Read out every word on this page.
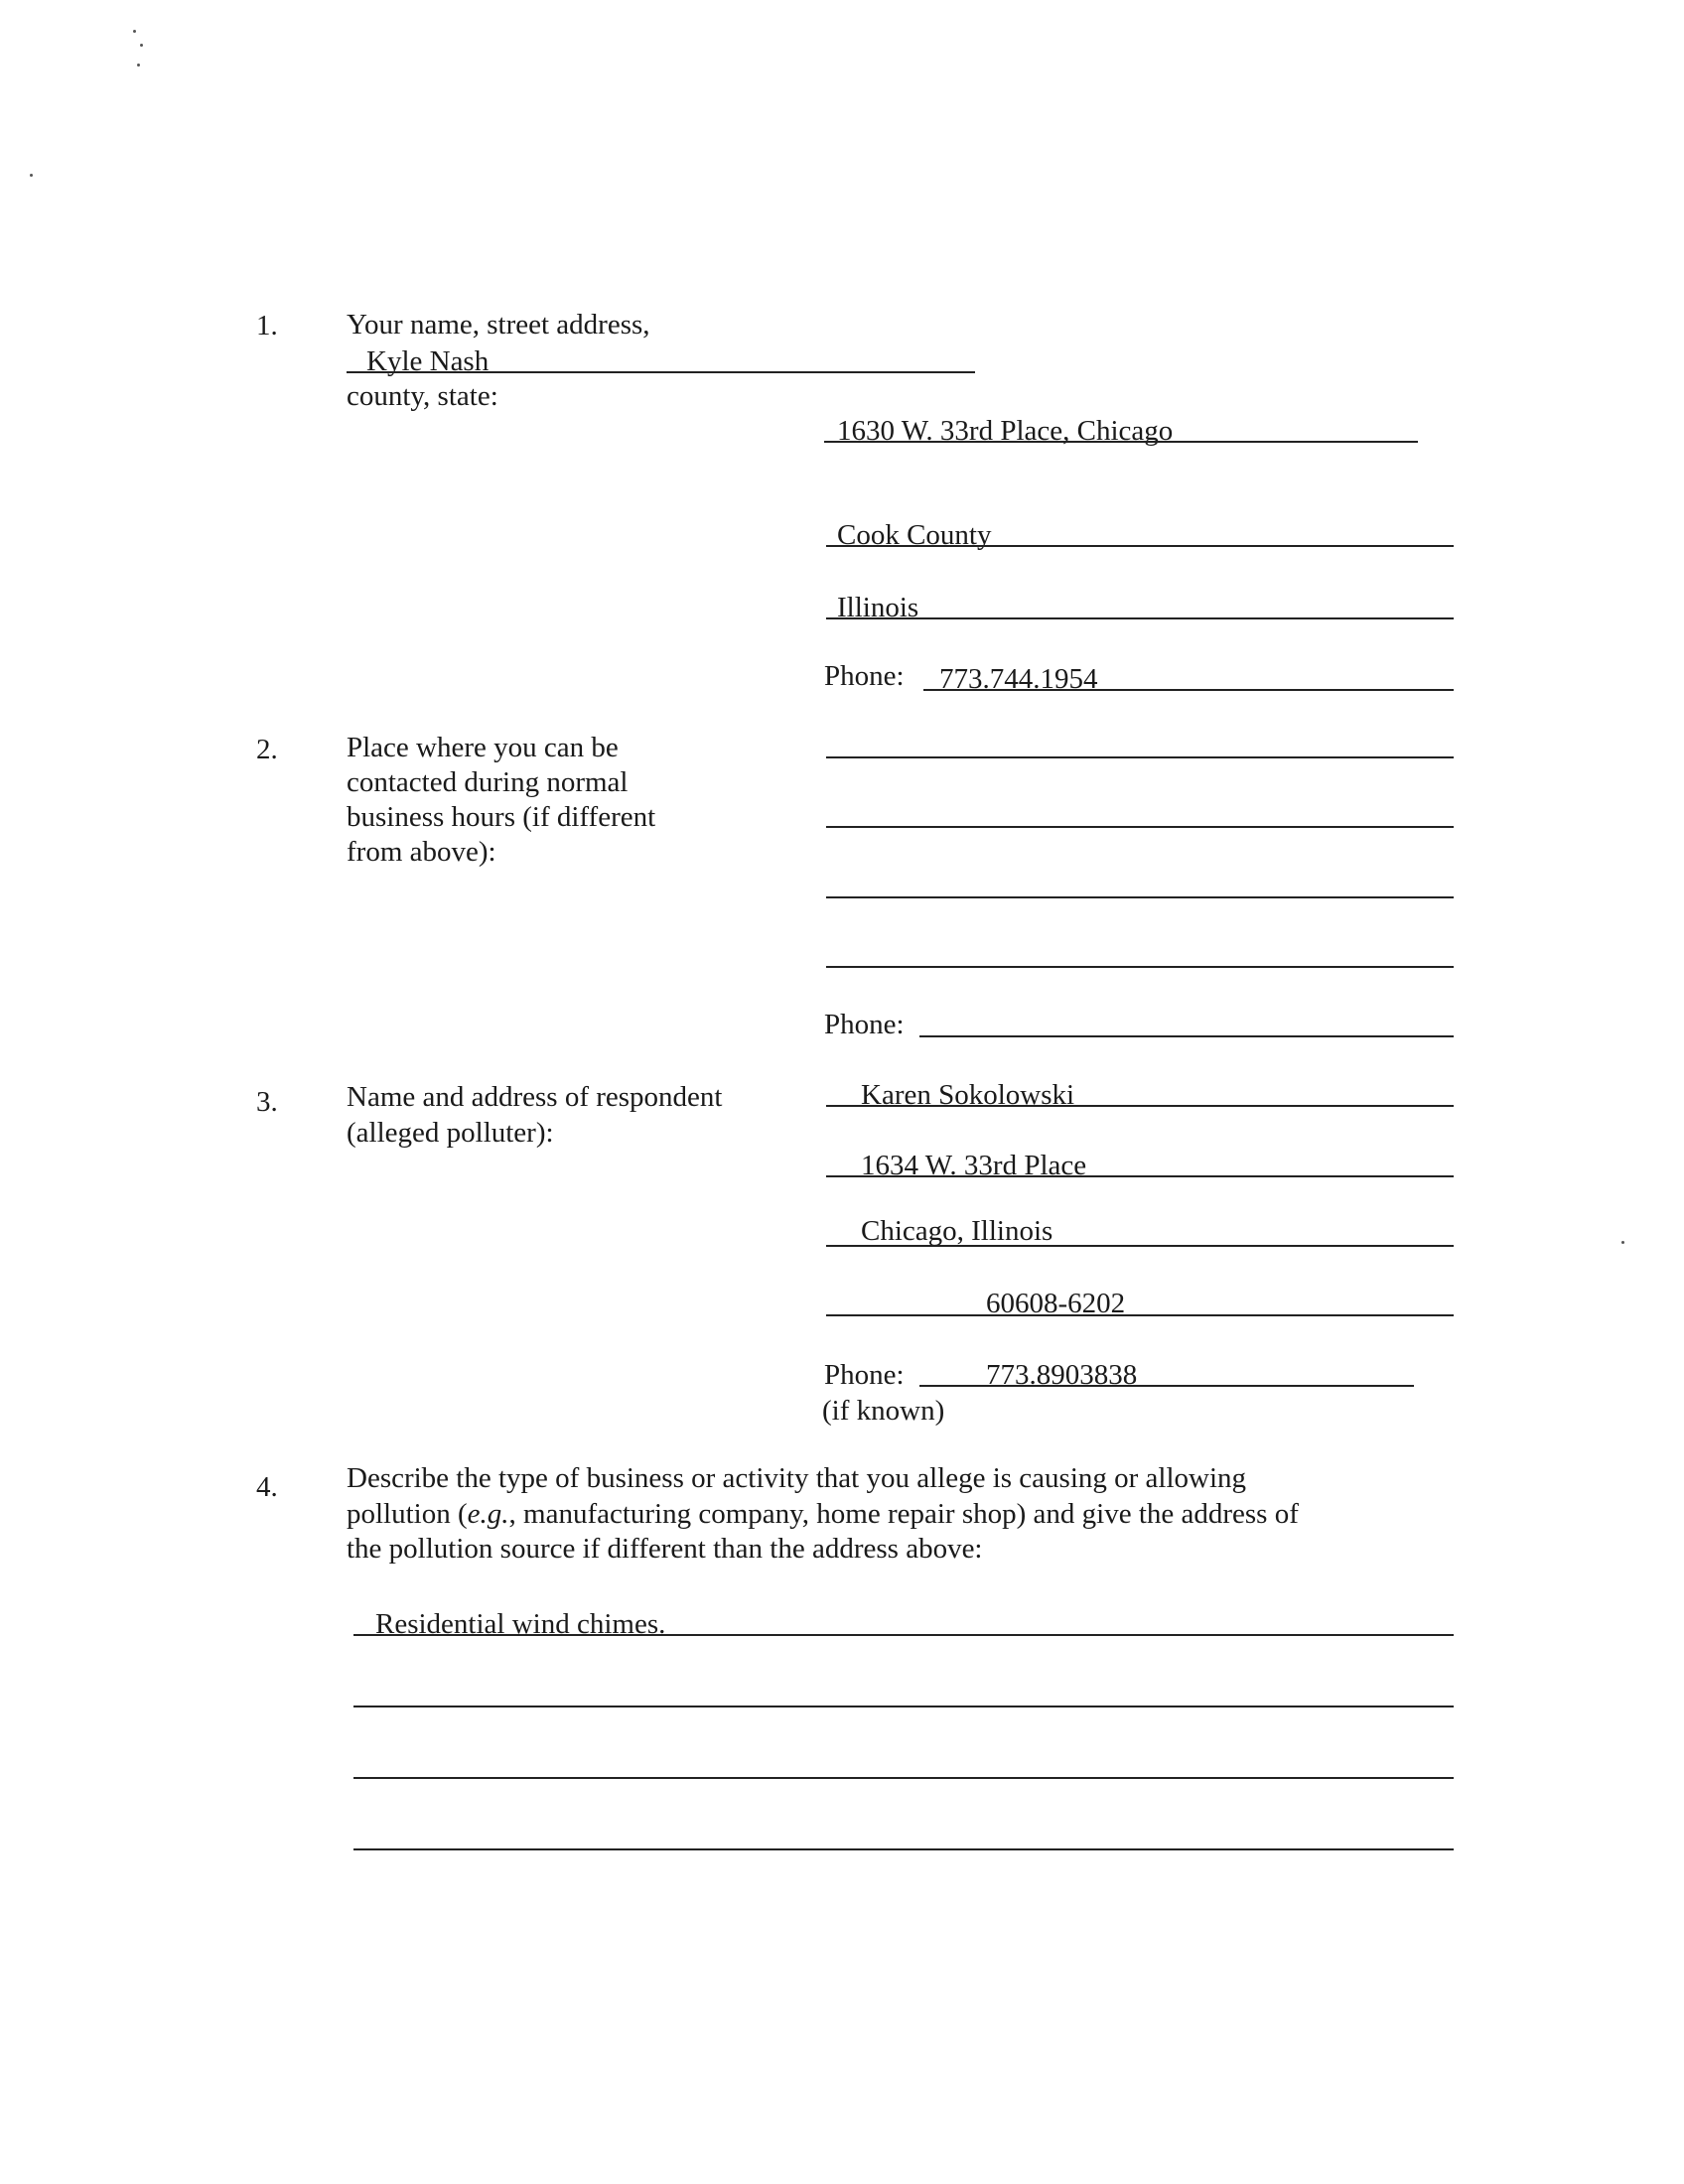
1. Your name, street address,
Kyle Nash
county, state:
1630 W. 33rd Place, Chicago
Cook County
Illinois
Phone: 773.744.1954
2. Place where you can be
contacted during normal
business hours (if different
from above):
Phone:
3. Name and address of respondent
(alleged polluter):
Karen Sokolowski
1634 W. 33rd Place
Chicago, Illinois
60608-6202
Phone:	773.8903838
(if known)
4. Describe the type of business or activity that you allege is causing or allowing
pollution (e.g., manufacturing company, home repair shop) and give the address of
the pollution source if different than the address above:
Residential wind chimes.
